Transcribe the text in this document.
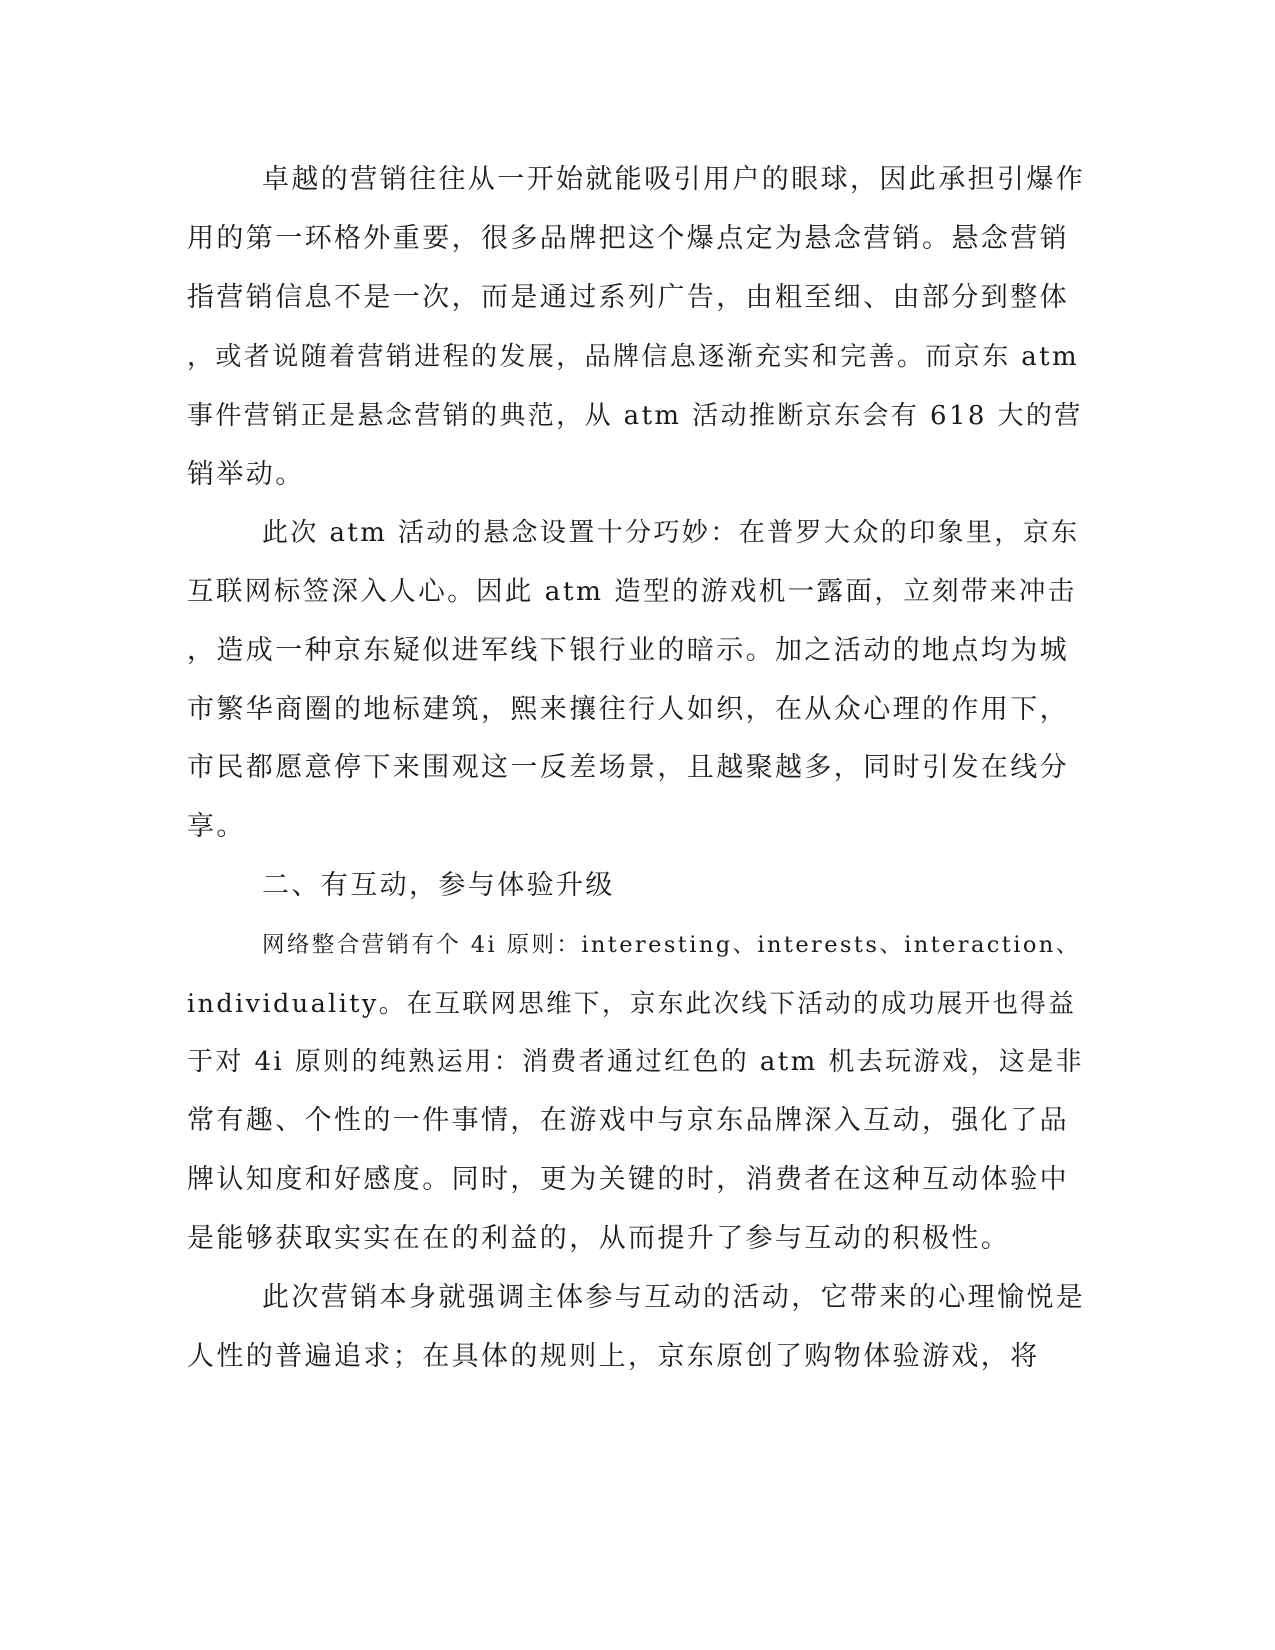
卓越的营销往往从一开始就能吸引用户的眼球，因此承担引爆作
用的第一环格外重要，很多品牌把这个爆点定为悬念营销。悬念营销
指营销信息不是一次，而是通过系列广告，由粗至细、由部分到整体
，或者说随着营销进程的发展，品牌信息逐渐充实和完善。而京东 atm
事件营销正是悬念营销的典范，从 atm 活动推断京东会有 618 大的营
销举动。
此次 atm 活动的悬念设置十分巧妙：在普罗大众的印象里，京东
互联网标签深入人心。因此 atm 造型的游戏机一露面，立刻带来冲击
，造成一种京东疑似进军线下银行业的暗示。加之活动的地点均为城
市繁华商圈的地标建筑，熙来攘往行人如织，在从众心理的作用下，
市民都愿意停下来围观这一反差场景，且越聚越多，同时引发在线分
享。
二、有互动，参与体验升级
网络整合营销有个 4i 原则：interesting、interests、interaction、
individuality。在互联网思维下，京东此次线下活动的成功展开也得益
于对 4i 原则的纯熟运用：消费者通过红色的 atm 机去玩游戏，这是非
常有趣、个性的一件事情，在游戏中与京东品牌深入互动，强化了品
牌认知度和好感度。同时，更为关键的时，消费者在这种互动体验中
是能够获取实实在在的利益的，从而提升了参与互动的积极性。
此次营销本身就强调主体参与互动的活动，它带来的心理愉悦是
人性的普遍追求；在具体的规则上，京东原创了购物体验游戏，将
